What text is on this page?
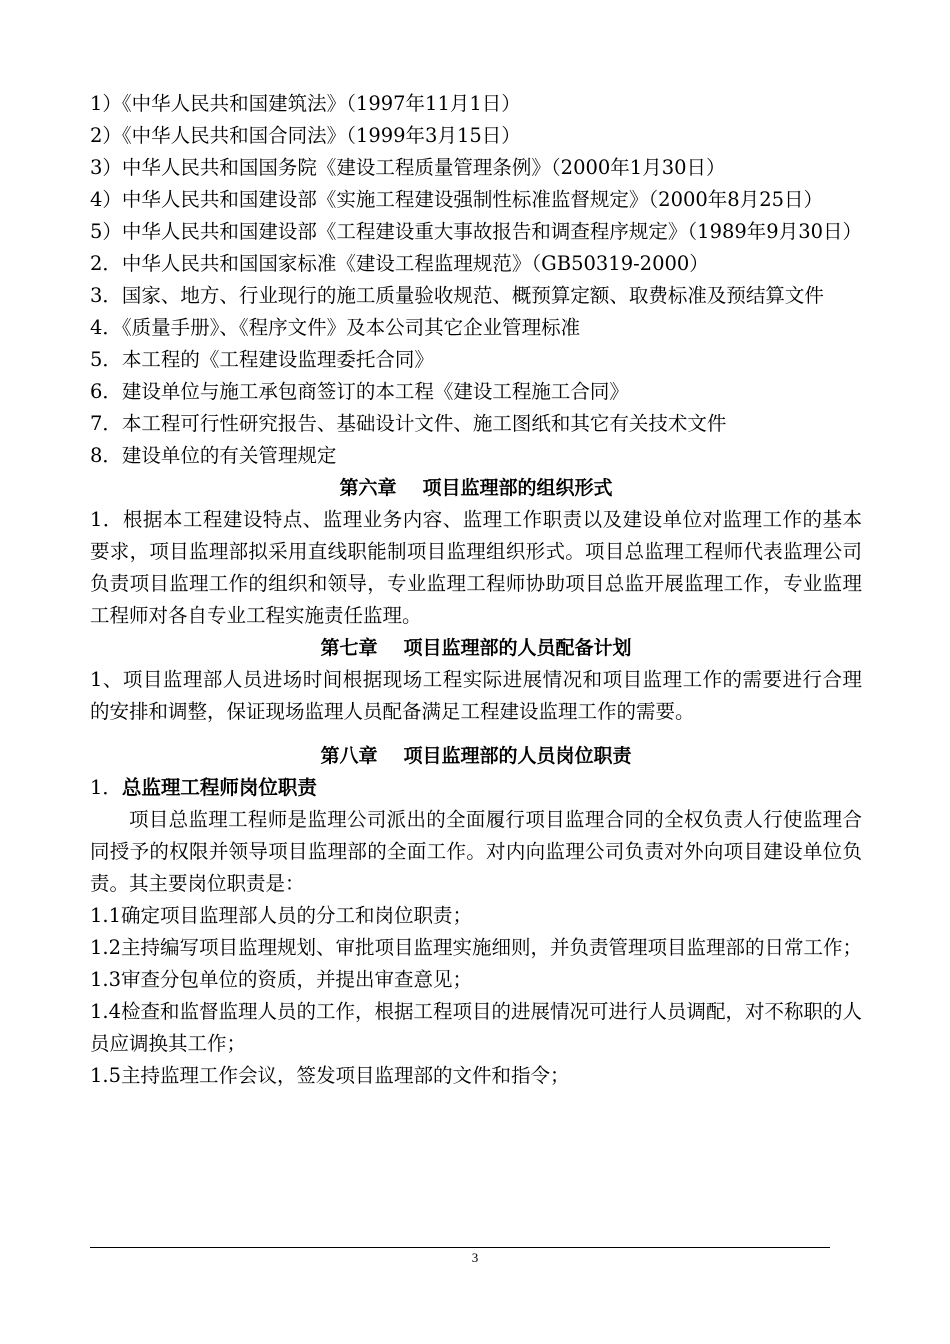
1）《中华人民共和国建筑法》（1997年11月1日）

2）《中华人民共和国合同法》（1999年3月15日）

3）中华人民共和国国务院《建设工程质量管理条例》（2000年1月30日）

4）中华人民共和国建设部《实施工程建设强制性标准监督规定》（2000年8月25日）

5）中华人民共和国建设部《工程建设重大事故报告和调查程序规定》（1989年9月30日）

2．中华人民共和国国家标准《建设工程监理规范》（GB50319-2000）

3．国家、地方、行业现行的施工质量验收规范、概预算定额、取费标准及预结算文件

4．《质量手册》、《程序文件》及本公司其它企业管理标准

5．本工程的《工程建设监理委托合同》

6．建设单位与施工承包商签订的本工程《建设工程施工合同》

7．本工程可行性研究报告、基础设计文件、施工图纸和其它有关技术文件

8．建设单位的有关管理规定

第六章 项目监理部的组织形式

1．根据本工程建设特点、监理业务内容、监理工作职责以及建设单位对监理工作的基本要求，项目监理部拟采用直线职能制项目监理组织形式。项目总监理工程师代表监理公司负责项目监理工作的组织和领导，专业监理工程师协助项目总监开展监理工作，专业监理工程师对各自专业工程实施责任监理。

第七章 项目监理部的人员配备计划

1、项目监理部人员进场时间根据现场工程实际进展情况和项目监理工作的需要进行合理的安排和调整，保证现场监理人员配备满足工程建设监理工作的需要。

第八章 项目监理部的人员岗位职责

1．总监理工程师岗位职责

项目总监理工程师是监理公司派出的全面履行项目监理合同的全权负责人行使监理合同授予的权限并领导项目监理部的全面工作。对内向监理公司负责对外向项目建设单位负责。其主要岗位职责是：

1.1确定项目监理部人员的分工和岗位职责；

1.2主持编写项目监理规划、审批项目监理实施细则，并负责管理项目监理部的日常工作；

1.3审查分包单位的资质，并提出审查意见；

1.4检查和监督监理人员的工作，根据工程项目的进展情况可进行人员调配，对不称职的人员应调换其工作；

1.5主持监理工作会议，签发项目监理部的文件和指令；

3
